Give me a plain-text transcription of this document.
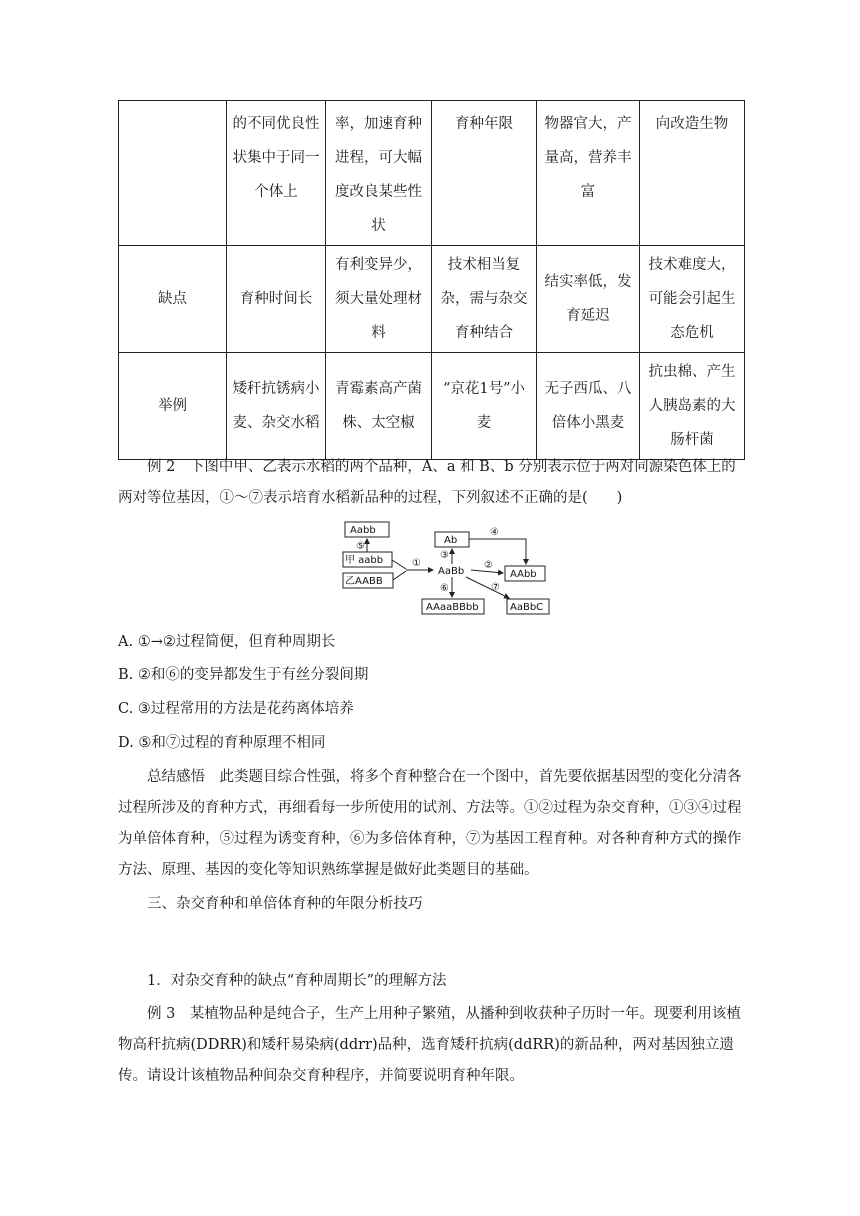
	的不同优良性状集中于同一个体上	率，加速育种进程，可大幅度改良某些性状	育种年限	物器官大，产量高，营养丰富	向改造生物
缺点	育种时间长	有利变异少，须大量处理材料	技术相当复杂，需与杂交育种结合	结实率低，发育延迟	技术难度大，可能会引起生态危机
举例	矮秆抗锈病小麦、杂交水稻	青霉素高产菌株、太空椒	“京花1号”小麦	无子西瓜、八倍体小黑麦	抗虫棉、产生人胰岛素的大肠杆菌
例 2　 下图中甲、乙表示水稻的两个品种，A、a 和 B、b 分别表示位于两对同源染色体上的两对等位基因，①～⑦表示培育水稻新品种的过程，下列叙述不正确的是(　　)
Aabb
甲 aabb
乙AABB
Ab
AaBb	AAbb
AAaaBBbb	AaBbC
⑤
①
③
④
②
⑥	⑦
A. ①→②过程简便，但育种周期长
B. ②和⑥的变异都发生于有丝分裂间期
C. ③过程常用的方法是花药离体培养
D. ⑤和⑦过程的育种原理不相同
总结感悟　 此类题目综合性强，将多个育种整合在一个图中，首先要依据基因型的变化分清各过程所涉及的育种方式，再细看每一步所使用的试剂、方法等。①②过程为杂交育种，①③④过程为单倍体育种，⑤过程为诱变育种，⑥为多倍体育种，⑦为基因工程育种。对各种育种方式的操作方法、原理、基因的变化等知识熟练掌握是做好此类题目的基础。
三、杂交育种和单倍体育种的年限分析技巧
1．对杂交育种的缺点“育种周期长”的理解方法
例 3　 某植物品种是纯合子，生产上用种子繁殖，从播种到收获种子历时一年。现要利用该植物高秆抗病(DDRR)和矮秆易染病(ddrr)品种，选育矮秆抗病(ddRR)的新品种，两对基因独立遗传。请设计该植物品种间杂交育种程序，并简要说明育种年限。
